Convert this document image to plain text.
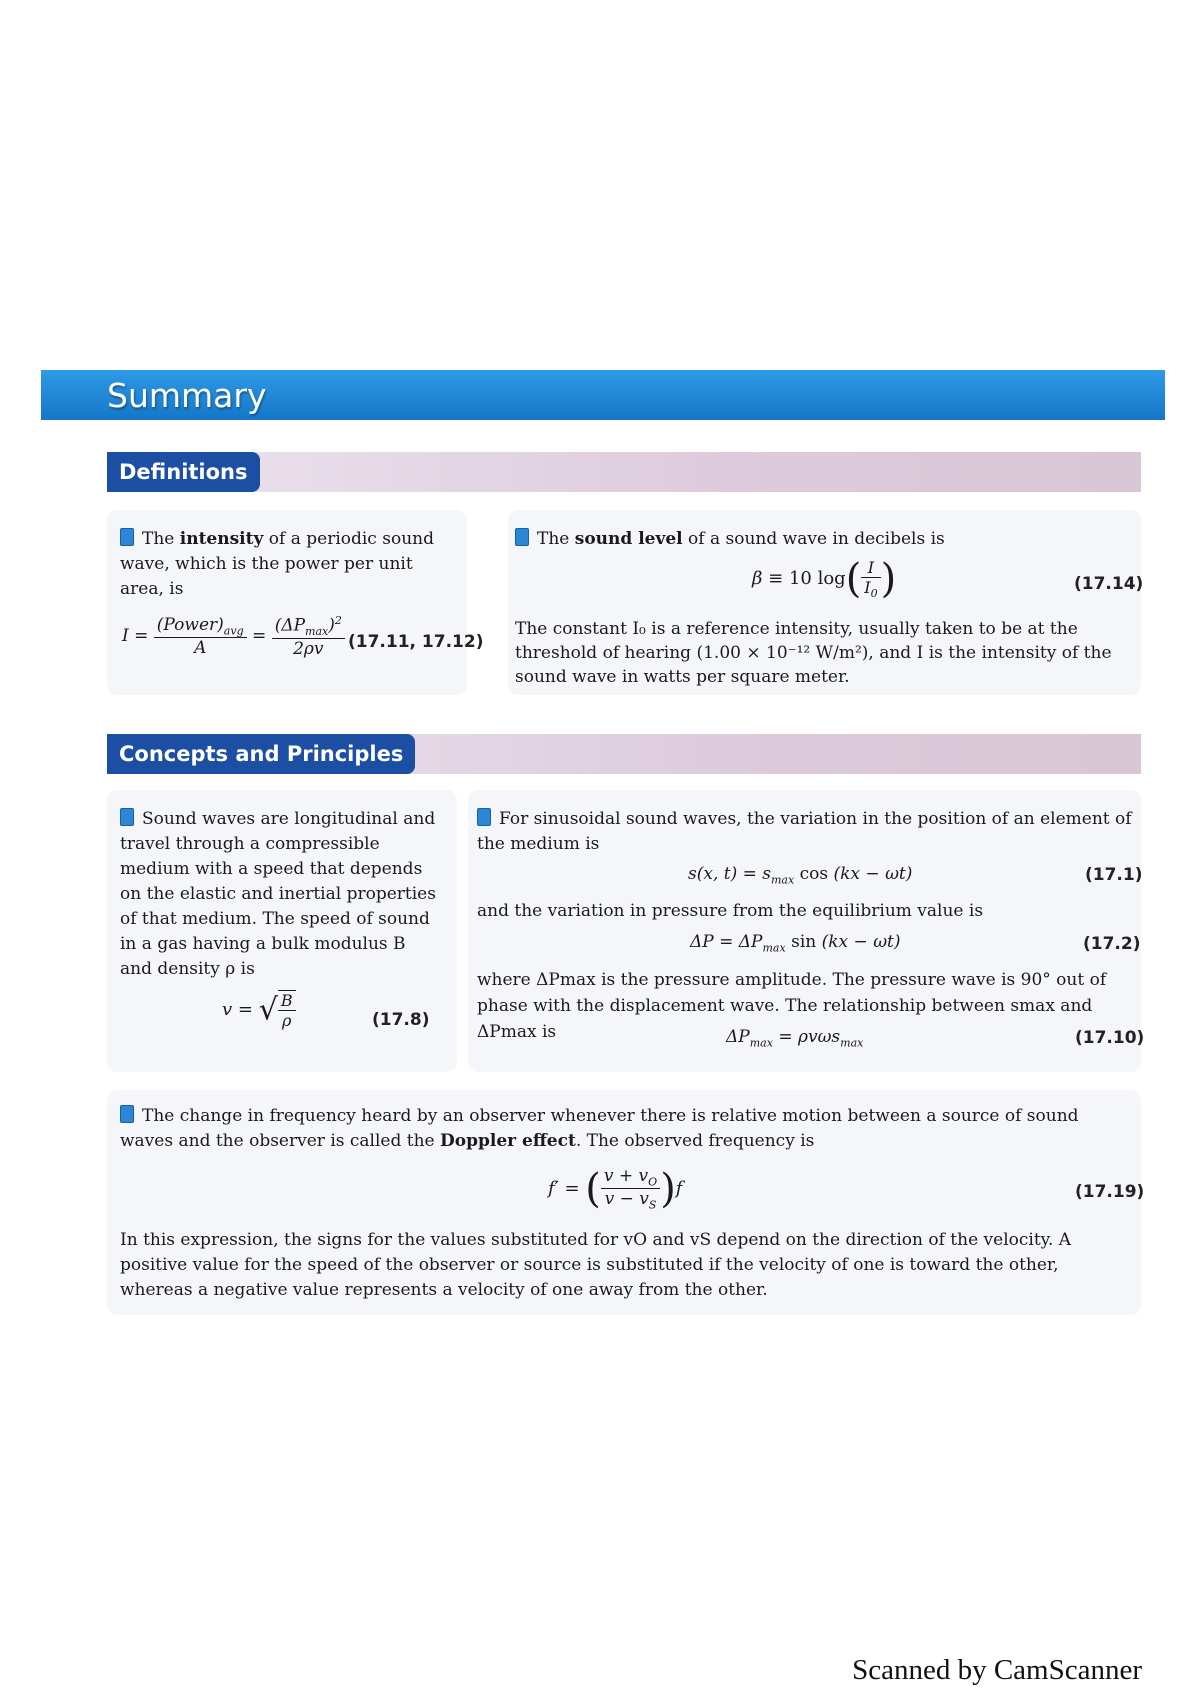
Summary
Definitions
The intensity of a periodic sound wave, which is the power per unit area, is
$I = \frac{(Power)_{avg}}{A} = \frac{(\Delta P_{max})^2}{2\rho v} (17.11$, 17.12)
The sound level of a sound wave in decibels is
β ≡ 10 $\log( \frac{I}{I_0}$ )	(17.14)
The constant I₀ is a reference intensity, usually taken to be at the threshold of hearing (1.00 × 10⁻¹² W/m²), and I is the intensity of the sound wave in watts per square meter.
Concepts and Principles
Sound waves are longitudinal and travel through a compressible medium with a speed that depends on the elastic and inertial properties of that medium. The speed of sound in a gas having a bulk modulus B and density ρ is
v = √ $\frac{B}{\rho}$	(17.8)
For sinusoidal sound waves, the variation in the position of an element of the medium is
s(x, $t) = s_{max}$ cos (kx − ωt)	(17.1)
and the variation in pressure from the equilibrium value is
$\Delta P = \Delta P_{max}$ sin (kx − ωt)	(17.2)
where ΔPmax is the pressure amplitude. The pressure wave is 90° out of phase with the displacement wave. The relationship between smax and ΔPmax is	$\Delta P_{max} = \rho v\omega s_{max}$	(17.10)
The change in frequency heard by an observer whenever there is relative motion between a source of sound waves and the observer is called the Doppler effect. The observed frequency is
f′ = ( $\frac{v + v_O}{v - v_S} )f$	(17.19)
In this expression, the signs for the values substituted for vO and vS depend on the direction of the velocity. A positive value for the speed of the observer or source is substituted if the velocity of one is toward the other, whereas a negative value represents a velocity of one away from the other.
Scanned by CamScanner
